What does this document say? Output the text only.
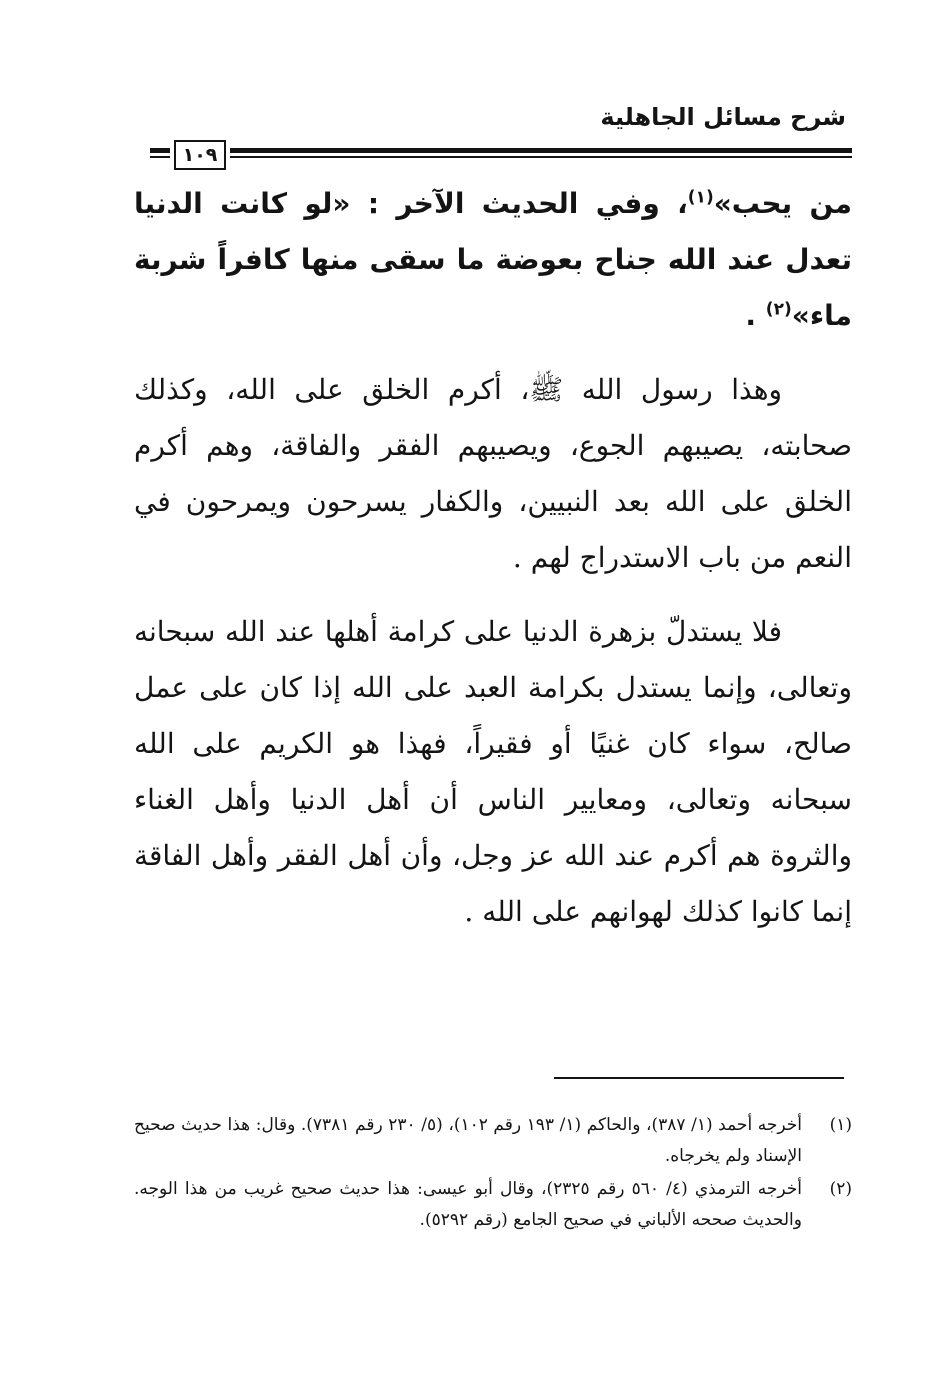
شرح مسائل الجاهلية
١٠٩

من يحب»$^{(١)}$، وفي الحديث الآخر : «لو كانت الدنيا تعدل عند الله جناح بعوضة ما سقى منها كافراً شربة ماء»$^{(٢)}$ .

وهذا رسول الله ﷺ، أكرم الخلق على الله، وكذلك صحابته، يصيبهم الجوع، ويصيبهم الفقر والفاقة، وهم أكرم الخلق على الله بعد النبيين، والكفار يسرحون ويمرحون في النعم من باب الاستدراج لهم .

فلا يستدلّ بزهرة الدنيا على كرامة أهلها عند الله سبحانه وتعالى، وإنما يستدل بكرامة العبد على الله إذا كان على عمل صالح، سواء كان غنيًا أو فقيراً، فهذا هو الكريم على الله سبحانه وتعالى، ومعايير الناس أن أهل الدنيا وأهل الغناء والثروة هم أكرم عند الله عز وجل، وأن أهل الفقر وأهل الفاقة إنما كانوا كذلك لهوانهم على الله .

(١)
أخرجه أحمد (١/ ٣٨٧)، والحاكم (١/ ١٩٣ رقم ١٠٢)، (٥/ ٢٣٠ رقم ٧٣٨١). وقال: هذا حديث صحيح الإسناد ولم يخرجاه.
(٢)
أخرجه الترمذي (٤/ ٥٦٠ رقم ٢٣٢٥)، وقال أبو عيسى: هذا حديث صحيح غريب من هذا الوجه. والحديث صححه الألباني في صحيح الجامع (رقم ٥٢٩٢).
